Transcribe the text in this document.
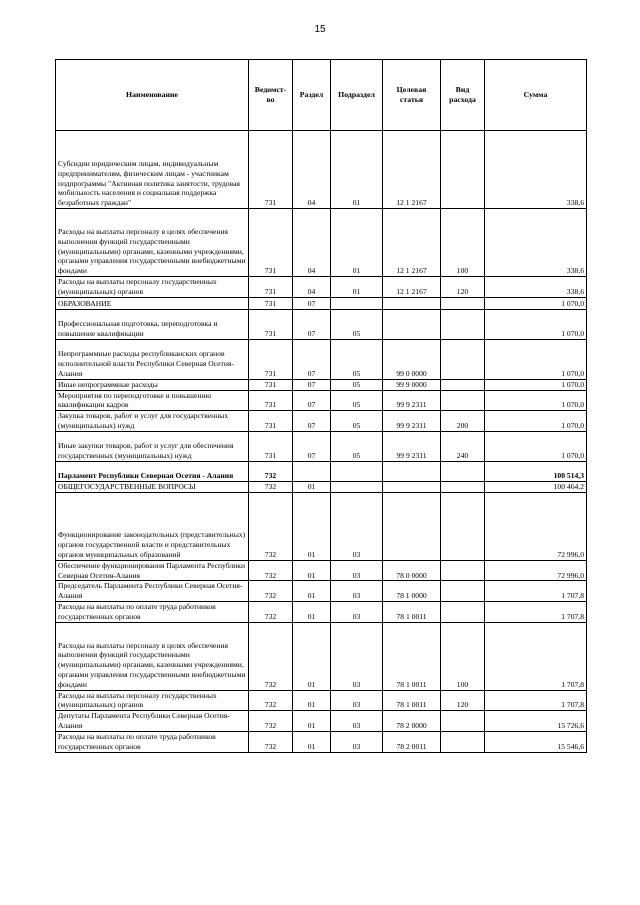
15
Наименование	Ведомст-во	Раздел	Подраздел	Целевая статья	Вид расхода	Сумма
Субсидии юридическим лицам, индивидуальным предпринимателям, физическим лицам - участникам подпрограммы "Активная политика занятости, трудовая мобильность населения и социальная поддержка безработных граждан"	731	04	01	12 1 2167		338,6
Расходы на выплаты персоналу в целях обеспечения выполнения функций государственными (муниципальными) органами, казенными учреждениями, органами управления государственными внебюджетными фондами	731	04	01	12 1 2167	100	338,6
Расходы на выплаты персоналу государственных (муниципальных) органов	731	04	01	12 1 2167	120	338,6
ОБРАЗОВАНИЕ	731	07				1 070,0
Профессиональная подготовка, переподготовка и повышение квалификации	731	07	05			1 070,0
Непрограммные расходы республиканских органов исполнительной власти Республики Северная Осетия-Алания	731	07	05	99 0 0000		1 070,0
Иные непрограммные расходы	731	07	05	99 9 0000		1 070,0
Мероприятия по переподготовке и повышению квалификации кадров	731	07	05	99 9 2311		1 070,0
Закупка товаров, работ и услуг для государственных (муниципальных) нужд	731	07	05	99 9 2311	200	1 070,0
Иные закупки товаров, работ и услуг для обеспечения государственных (муниципальных) нужд	731	07	05	99 9 2311	240	1 070,0
Парламент Республики Северная Осетия - Алания	732					100 514,3
ОБЩЕГОСУДАРСТВЕННЫЕ ВОПРОСЫ	732	01				100 464,2
Функционирование законодательных (представительных) органов государственной власти и представительных органов муниципальных образований	732	01	03			72 996,0
Обеспечение функционирования Парламента Республики Северная Осетия-Алания	732	01	03	78 0 0000		72 996,0
Председатель Парламента Республики Северная Осетия-Алания	732	01	03	78 1 0000		1 707,8
Расходы на выплаты по оплате труда работников государственных органов	732	01	03	78 1 0011		1 707,8
Расходы на выплаты персоналу в целях обеспечения выполнения функций государственными (муниципальными) органами, казенными учреждениями, органами управления государственными внебюджетными фондами	732	01	03	78 1 0011	100	1 707,8
Расходы на выплаты персоналу государственных (муниципальных) органов	732	01	03	78 1 0011	120	1 707,8
Депутаты Парламента Республики Северная Осетия-Алания	732	01	03	78 2 0000		15 726,6
Расходы на выплаты по оплате труда работников государственных органов	732	01	03	78 2 0011		15 546,6
